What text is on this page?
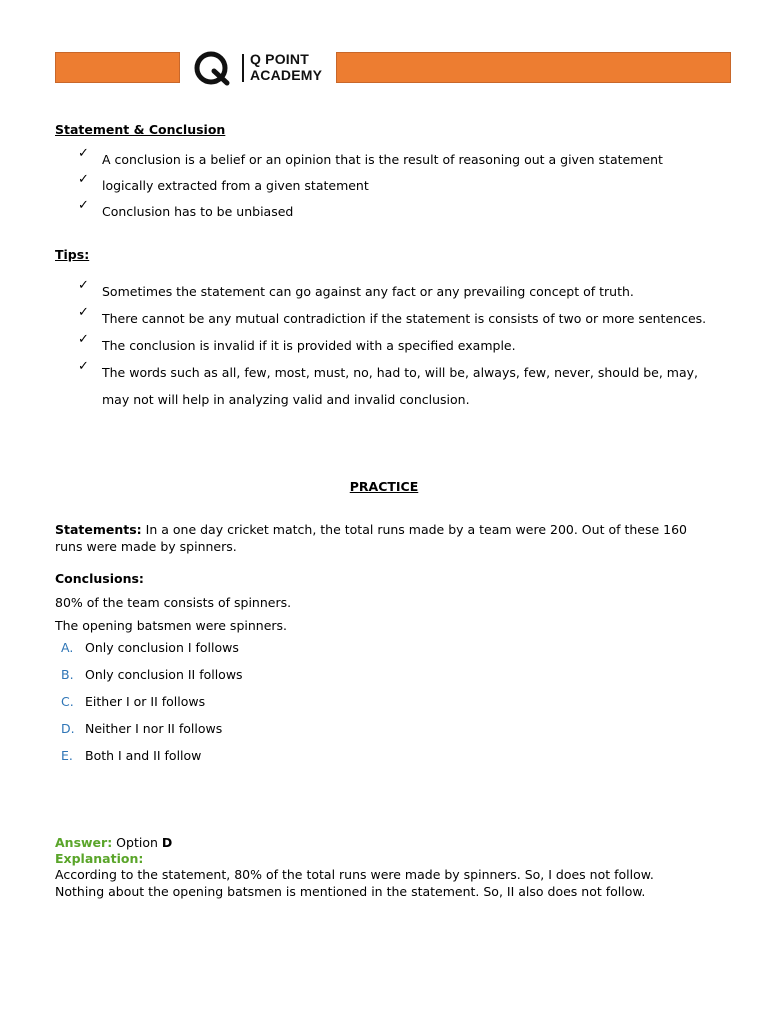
Q POINT
ACADEMY
Statement & Conclusion
✓ A conclusion is a belief or an opinion that is the result of reasoning out a given statement
✓ logically extracted from a given statement
✓ Conclusion has to be unbiased
Tips:
✓ Sometimes the statement can go against any fact or any prevailing concept of truth.
✓ There cannot be any mutual contradiction if the statement is consists of two or more sentences.
✓ The conclusion is invalid if it is provided with a specified example.
✓ The words such as all, few, most, must, no, had to, will be, always, few, never, should be, may, may not will help in analyzing valid and invalid conclusion.
PRACTICE
Statements: In a one day cricket match, the total runs made by a team were 200. Out of these 160 runs were made by spinners.
Conclusions:
80% of the team consists of spinners.
The opening batsmen were spinners.
A. Only conclusion I follows
B. Only conclusion II follows
C. Either I or II follows
D. Neither I nor II follows
E. Both I and II follow
Answer: Option D
Explanation:
According to the statement, 80% of the total runs were made by spinners. So, I does not follow. Nothing about the opening batsmen is mentioned in the statement. So, II also does not follow.
